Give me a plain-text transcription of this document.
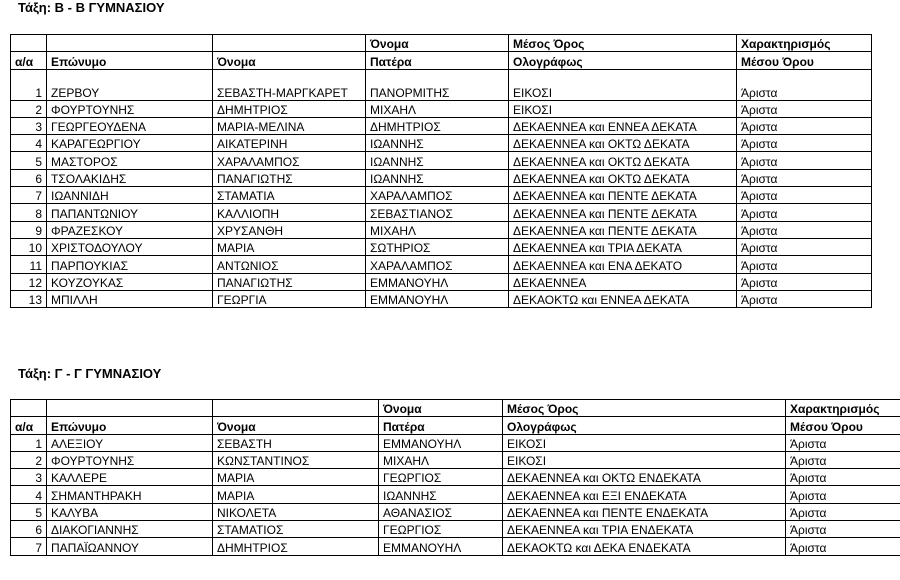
Τάξη: Β - Β ΓΥΜΝΑΣΙΟΥ
			Όνομα	Μέσος Όρος	Χαρακτηρισμός
α/α	Επώνυμο	Όνομα	Πατέρα	Ολογράφως	Μέσου Όρου
1	ΖΕΡΒΟΥ	ΣΕΒΑΣΤΗ-ΜΑΡΓΚΑΡΕΤ	ΠΑΝΟΡΜΙΤΗΣ	ΕΙΚΟΣΙ	Άριστα
2	ΦΟΥΡΤΟΥΝΗΣ	ΔΗΜΗΤΡΙΟΣ	ΜΙΧΑΗΛ	ΕΙΚΟΣΙ	Άριστα
3	ΓΕΩΡΓΕΟΥΔΕΝΑ	ΜΑΡΙΑ-ΜΕΛΙΝΑ	ΔΗΜΗΤΡΙΟΣ	ΔΕΚΑΕΝΝΕΑ και ΕΝΝΕΑ ΔΕΚΑΤΑ	Άριστα
4	ΚΑΡΑΓΕΩΡΓΙΟΥ	ΑΙΚΑΤΕΡΙΝΗ	ΙΩΑΝΝΗΣ	ΔΕΚΑΕΝΝΕΑ και ΟΚΤΩ ΔΕΚΑΤΑ	Άριστα
5	ΜΑΣΤΟΡΟΣ	ΧΑΡΑΛΑΜΠΟΣ	ΙΩΑΝΝΗΣ	ΔΕΚΑΕΝΝΕΑ και ΟΚΤΩ ΔΕΚΑΤΑ	Άριστα
6	ΤΣΟΛΑΚΙΔΗΣ	ΠΑΝΑΓΙΩΤΗΣ	ΙΩΑΝΝΗΣ	ΔΕΚΑΕΝΝΕΑ και ΟΚΤΩ ΔΕΚΑΤΑ	Άριστα
7	ΙΩΑΝΝΙΔΗ	ΣΤΑΜΑΤΙΑ	ΧΑΡΑΛΑΜΠΟΣ	ΔΕΚΑΕΝΝΕΑ και ΠΕΝΤΕ ΔΕΚΑΤΑ	Άριστα
8	ΠΑΠΑΝΤΩΝΙΟΥ	ΚΑΛΛΙΟΠΗ	ΣΕΒΑΣΤΙΑΝΟΣ	ΔΕΚΑΕΝΝΕΑ και ΠΕΝΤΕ ΔΕΚΑΤΑ	Άριστα
9	ΦΡΑΖΕΣΚΟΥ	ΧΡΥΣΑΝΘΗ	ΜΙΧΑΗΛ	ΔΕΚΑΕΝΝΕΑ και ΠΕΝΤΕ ΔΕΚΑΤΑ	Άριστα
10	ΧΡΙΣΤΟΔΟΥΛΟΥ	ΜΑΡΙΑ	ΣΩΤΗΡΙΟΣ	ΔΕΚΑΕΝΝΕΑ και ΤΡΙΑ ΔΕΚΑΤΑ	Άριστα
11	ΠΑΡΠΟΥΚΙΑΣ	ΑΝΤΩΝΙΟΣ	ΧΑΡΑΛΑΜΠΟΣ	ΔΕΚΑΕΝΝΕΑ και ΕΝΑ ΔΕΚΑΤΟ	Άριστα
12	ΚΟΥΖΟΥΚΑΣ	ΠΑΝΑΓΙΩΤΗΣ	ΕΜΜΑΝΟΥΗΛ	ΔΕΚΑΕΝΝΕΑ	Άριστα
13	ΜΠΙΛΛΗ	ΓΕΩΡΓΙΑ	ΕΜΜΑΝΟΥΗΛ	ΔΕΚΑΟΚΤΩ και ΕΝΝΕΑ ΔΕΚΑΤΑ	Άριστα
Τάξη: Γ - Γ ΓΥΜΝΑΣΙΟΥ
			Όνομα	Μέσος Όρος	Χαρακτηρισμός
α/α	Επώνυμο	Όνομα	Πατέρα	Ολογράφως	Μέσου Όρου
1	ΑΛΕΞΙΟΥ	ΣΕΒΑΣΤΗ	ΕΜΜΑΝΟΥΗΛ	ΕΙΚΟΣΙ	Άριστα
2	ΦΟΥΡΤΟΥΝΗΣ	ΚΩΝΣΤΑΝΤΙΝΟΣ	ΜΙΧΑΗΛ	ΕΙΚΟΣΙ	Άριστα
3	ΚΑΛΛΕΡΕ	ΜΑΡΙΑ	ΓΕΩΡΓΙΟΣ	ΔΕΚΑΕΝΝΕΑ και ΟΚΤΩ ΕΝΔΕΚΑΤΑ	Άριστα
4	ΣΗΜΑΝΤΗΡΑΚΗ	ΜΑΡΙΑ	ΙΩΑΝΝΗΣ	ΔΕΚΑΕΝΝΕΑ και ΕΞΙ ΕΝΔΕΚΑΤΑ	Άριστα
5	ΚΑΛΥΒΑ	ΝΙΚΟΛΕΤΑ	ΑΘΑΝΑΣΙΟΣ	ΔΕΚΑΕΝΝΕΑ και ΠΕΝΤΕ ΕΝΔΕΚΑΤΑ	Άριστα
6	ΔΙΑΚΟΓΙΑΝΝΗΣ	ΣΤΑΜΑΤΙΟΣ	ΓΕΩΡΓΙΟΣ	ΔΕΚΑΕΝΝΕΑ και ΤΡΙΑ ΕΝΔΕΚΑΤΑ	Άριστα
7	ΠΑΠΑΪΩΑΝΝΟΥ	ΔΗΜΗΤΡΙΟΣ	ΕΜΜΑΝΟΥΗΛ	ΔΕΚΑΟΚΤΩ και ΔΕΚΑ ΕΝΔΕΚΑΤΑ	Άριστα
